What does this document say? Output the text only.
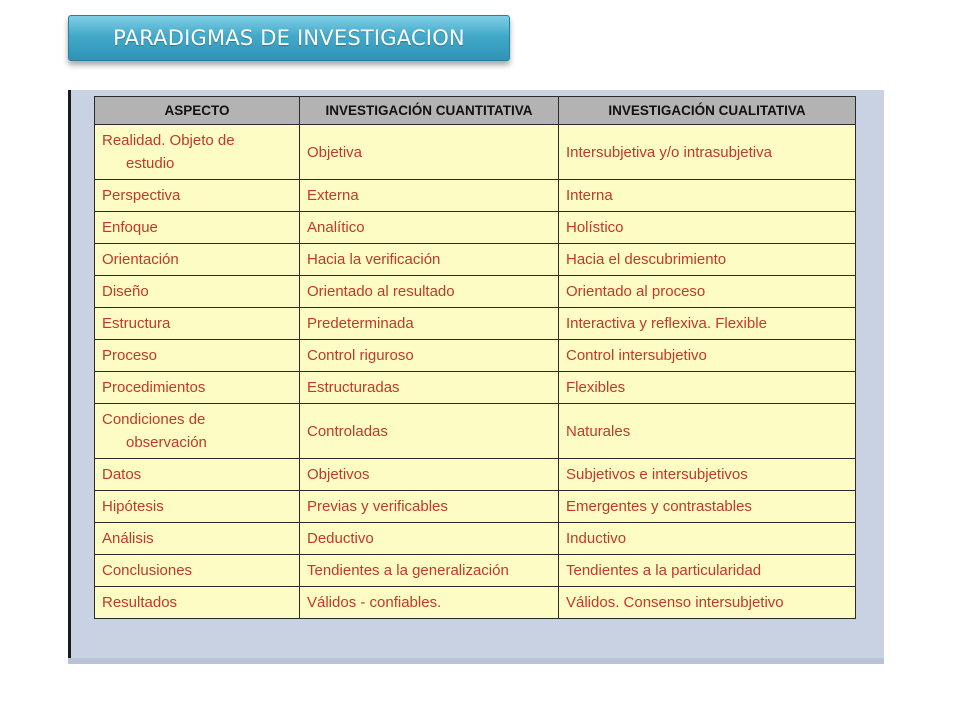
PARADIGMAS DE INVESTIGACION
ASPECTO	INVESTIGACIÓN CUANTITATIVA	INVESTIGACIÓN CUALITATIVA

Realidad. Objeto de
estudio	Objetiva	Intersubjetiva y/o intrasubjetiva
Perspectiva	Externa	Interna
Enfoque	Analítico	Holístico
Orientación	Hacia la verificación	Hacia el descubrimiento
Diseño	Orientado al resultado	Orientado al proceso
Estructura	Predeterminada	Interactiva y reflexiva. Flexible
Proceso	Control riguroso	Control intersubjetivo
Procedimientos	Estructuradas	Flexibles

Condiciones de
observación	Controladas	Naturales
Datos	Objetivos	Subjetivos e intersubjetivos
Hipótesis	Previas y verificables	Emergentes y contrastables
Análisis	Deductivo	Inductivo
Conclusiones	Tendientes a la generalización	Tendientes a la particularidad
Resultados	Válidos - confiables.	Válidos. Consenso intersubjetivo
